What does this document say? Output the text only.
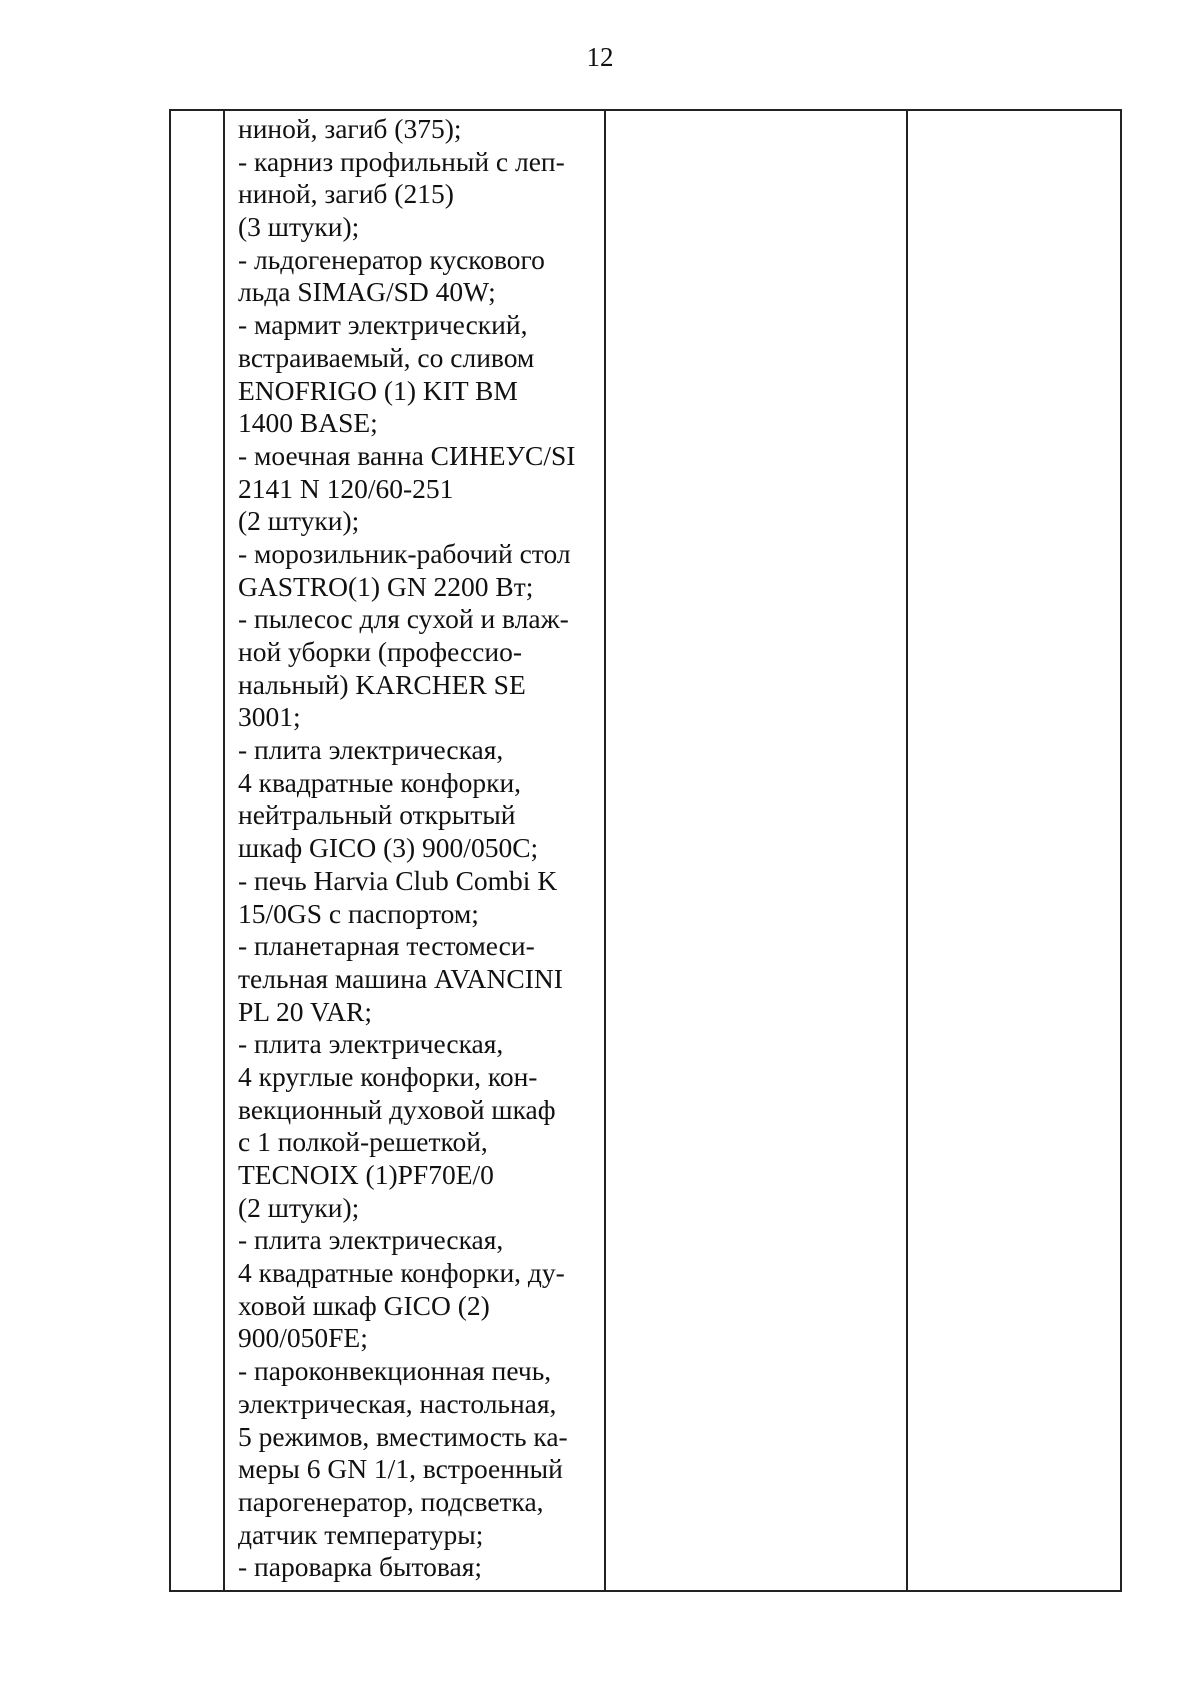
12
ниной, загиб (375);
- карниз профильный с леп-
ниной, загиб (215)
(3 штуки);
- льдогенератор кускового
льда SIMAG/SD 40W;
- мармит электрический,
встраиваемый, со сливом
ENOFRIGO (1) KIT BM
1400 BASE;
- моечная ванна СИНЕУС/SI
2141 N 120/60-251
(2 штуки);
- морозильник-рабочий стол
GASTRO(1) GN 2200 Вт;
- пылесос для сухой и влаж-
ной уборки (профессио-
нальный) KARCHER SE
3001;
- плита электрическая,
4 квадратные конфорки,
нейтральный открытый
шкаф GICO (3) 900/050C;
- печь Harvia Club Combi K
15/0GS с паспортом;
- планетарная тестомеси-
тельная машина AVANCINI
PL 20 VAR;
- плита электрическая,
4 круглые конфорки, кон-
векционный духовой шкаф
с 1 полкой-решеткой,
TECNOIX (1)PF70E/0
(2 штуки);
- плита электрическая,
4 квадратные конфорки, ду-
ховой шкаф GICO (2)
900/050FE;
- пароконвекционная печь,
электрическая, настольная,
5 режимов, вместимость ка-
меры 6 GN 1/1, встроенный
парогенератор, подсветка,
датчик температуры;
- пароварка бытовая;
